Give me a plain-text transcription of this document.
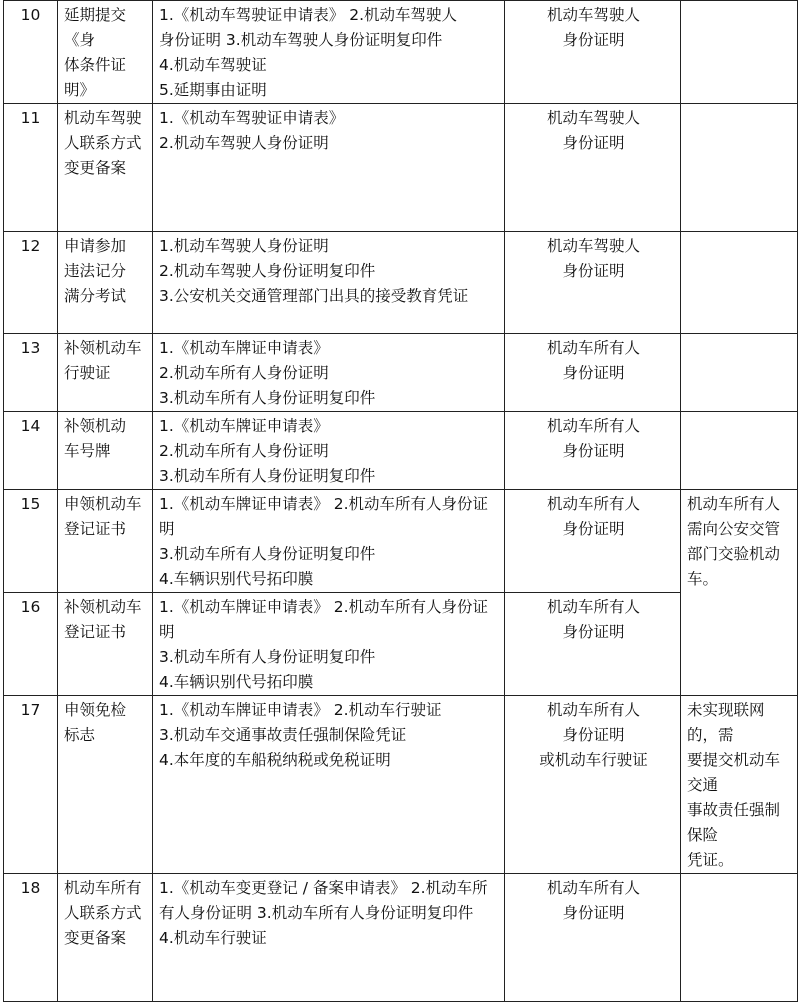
10	延期提交《身
体条件证明》	1.《机动车驾驶证申请表》 2.机动车驾驶人
身份证明 3.机动车驾驶人身份证明复印件
4.机动车驾驶证
5.延期事由证明	机动车驾驶人
身份证明	
11	机动车驾驶
人联系方式
变更备案	1.《机动车驾驶证申请表》
2.机动车驾驶人身份证明	机动车驾驶人
身份证明	
12	申请参加
违法记分
满分考试	1.机动车驾驶人身份证明
2.机动车驾驶人身份证明复印件
3.公安机关交通管理部门出具的接受教育凭证	机动车驾驶人
身份证明	
13	补领机动车
行驶证	1.《机动车牌证申请表》
2.机动车所有人身份证明
3.机动车所有人身份证明复印件	机动车所有人
身份证明	
14	补领机动
车号牌	1.《机动车牌证申请表》
2.机动车所有人身份证明
3.机动车所有人身份证明复印件	机动车所有人
身份证明	
15	申领机动车
登记证书	1.《机动车牌证申请表》 2.机动车所有人身份证明
3.机动车所有人身份证明复印件
4.车辆识别代号拓印膜	机动车所有人
身份证明	机动车所有人需向公安交管部门交验机动车。
16	补领机动车
登记证书	1.《机动车牌证申请表》 2.机动车所有人身份证明
3.机动车所有人身份证明复印件
4.车辆识别代号拓印膜	机动车所有人
身份证明	
17	申领免检
标志	1.《机动车牌证申请表》 2.机动车行驶证
3.机动车交通事故责任强制保险凭证
4.本年度的车船税纳税或免税证明	机动车所有人
身份证明
或机动车行驶证	未实现联网的，需
要提交机动车交通
事故责任强制保险
凭证。
18	机动车所有人联系方式
变更备案	1.《机动车变更登记 / 备案申请表》 2.机动车所有人身份证明 3.机动车所有人身份证明复印件
4.机动车行驶证	机动车所有人
身份证明	
